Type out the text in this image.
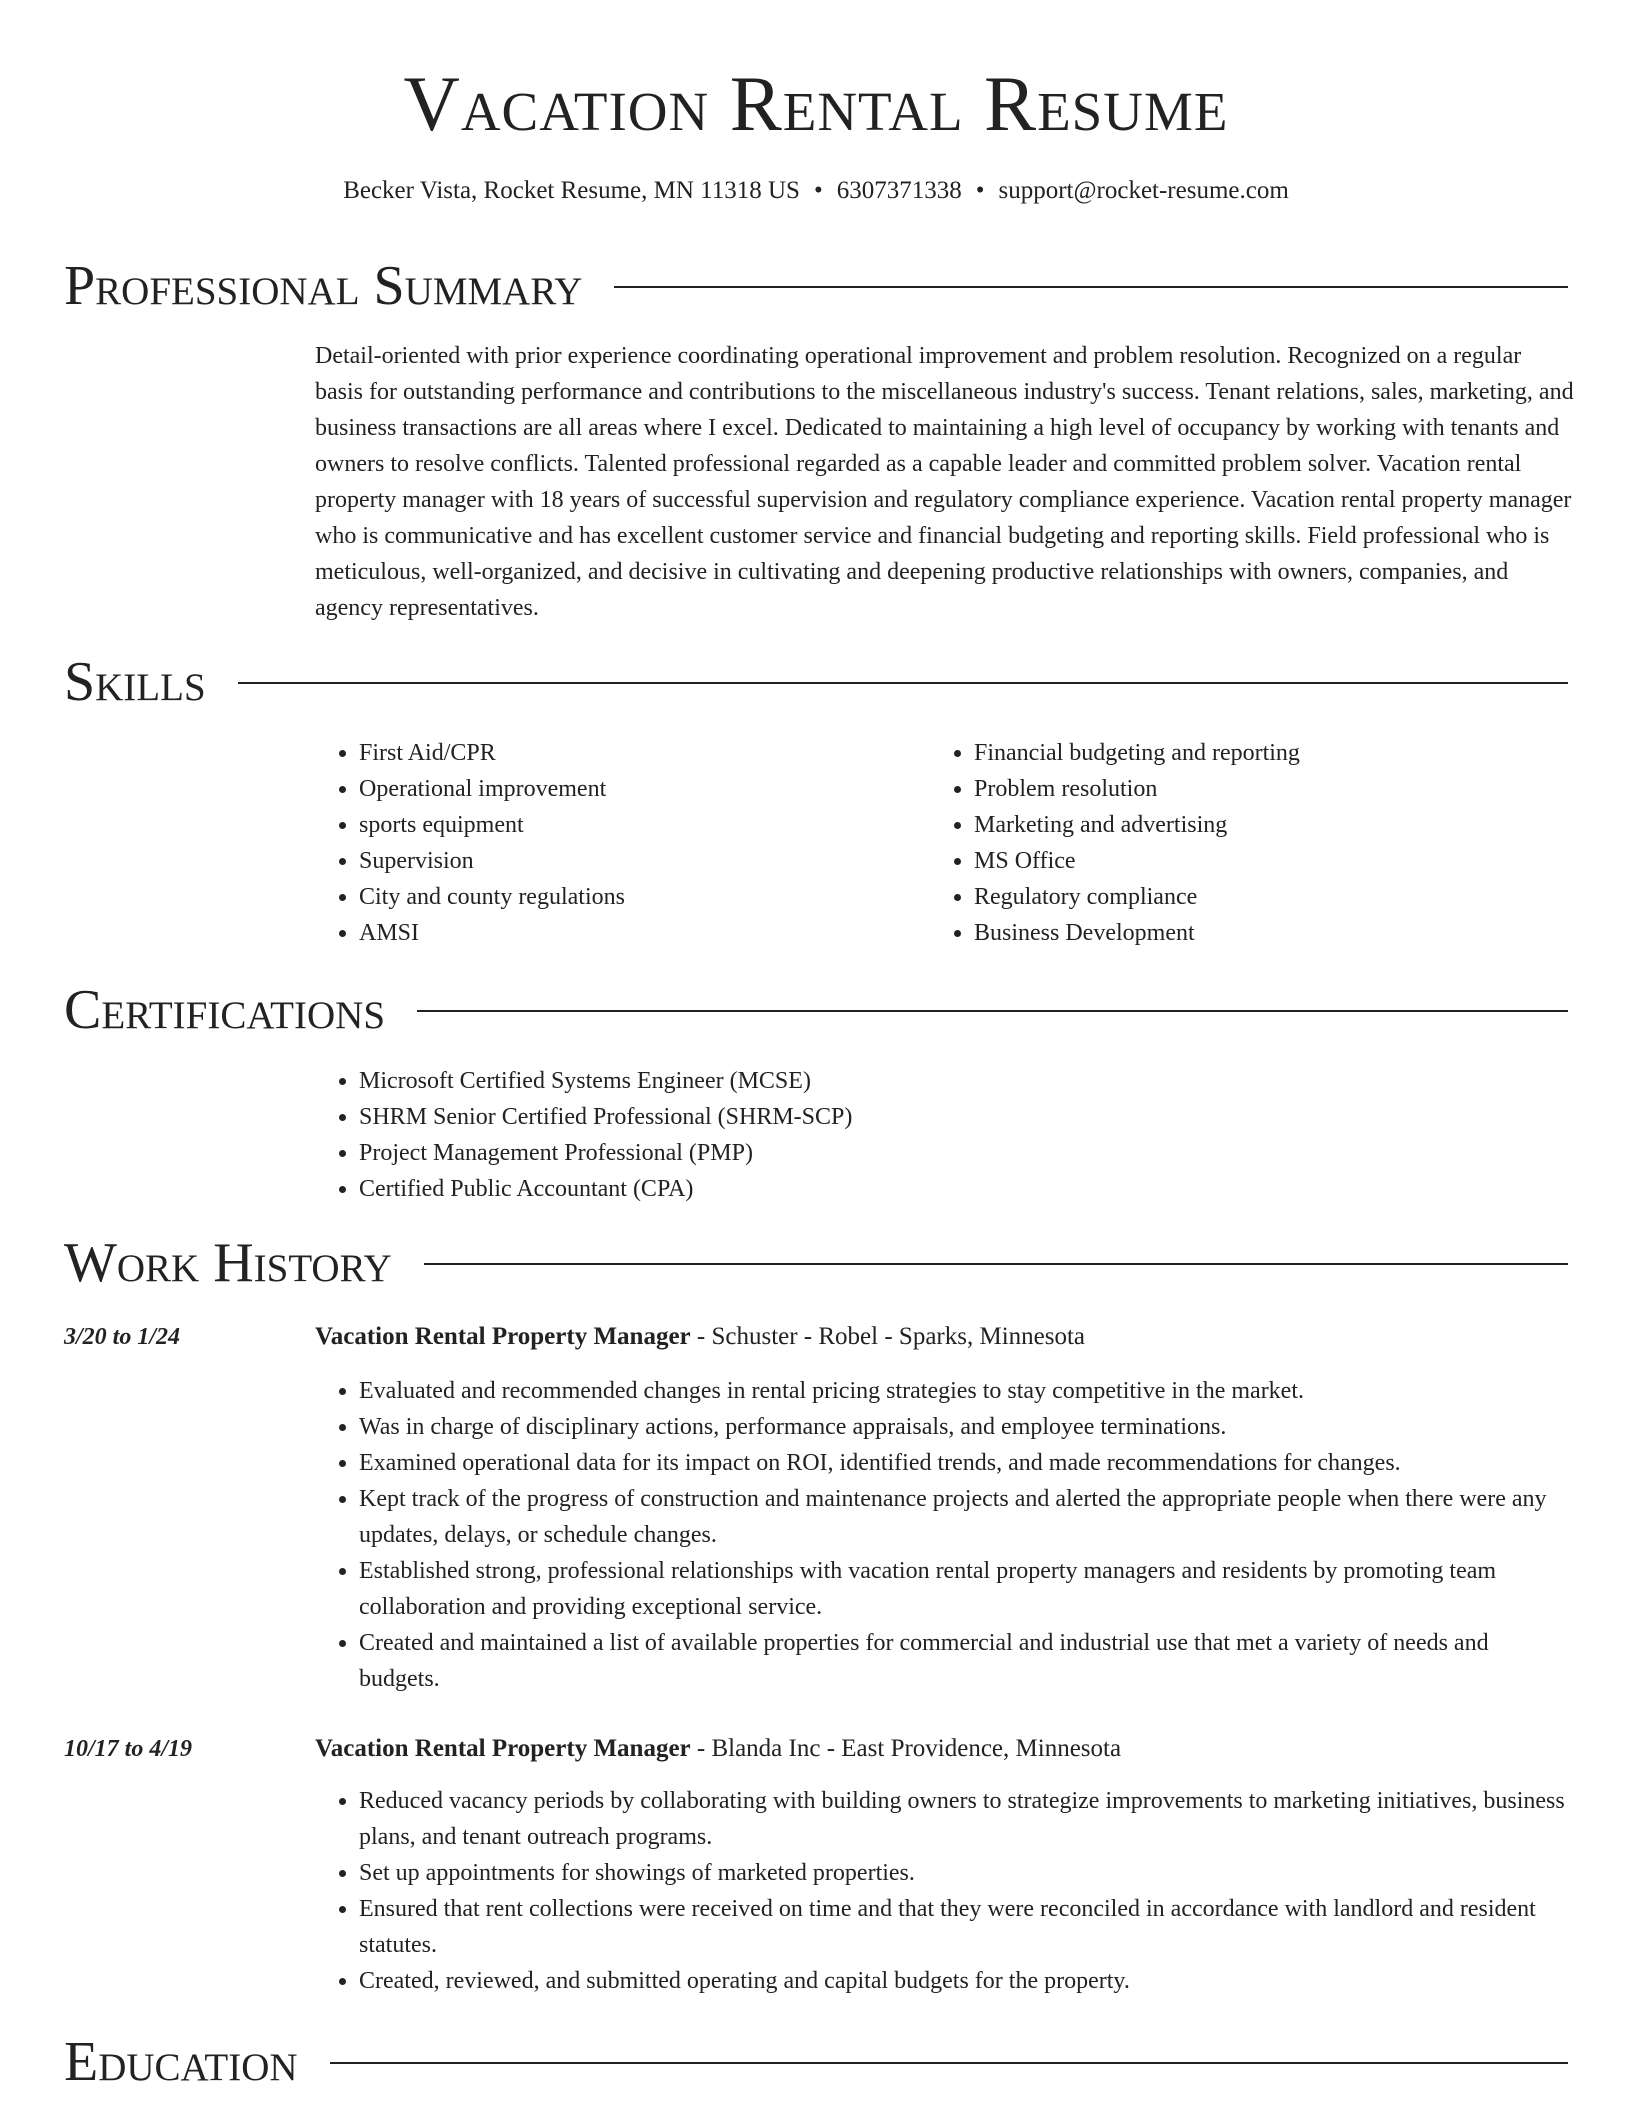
Vacation Rental Resume
Becker Vista, Rocket Resume, MN 11318 US • 6307371338 • support@rocket-resume.com
Professional Summary

Detail-oriented with prior experience coordinating operational improvement and problem resolution. Recognized on a regular basis for outstanding performance and contributions to the miscellaneous industry's success. Tenant relations, sales, marketing, and business transactions are all areas where I excel. Dedicated to maintaining a high level of occupancy by working with tenants and owners to resolve conflicts. Talented professional regarded as a capable leader and committed problem solver. Vacation rental property manager with 18 years of successful supervision and regulatory compliance experience. Vacation rental property manager who is communicative and has excellent customer service and financial budgeting and reporting skills. Field professional who is meticulous, well-organized, and decisive in cultivating and deepening productive relationships with owners, companies, and agency representatives.

Skills
• First Aid/CPR
• Operational improvement
• sports equipment
• Supervision
• City and county regulations
• AMSI
• Financial budgeting and reporting
• Problem resolution
• Marketing and advertising
• MS Office
• Regulatory compliance
• Business Development
Certifications
• Microsoft Certified Systems Engineer (MCSE)
• SHRM Senior Certified Professional (SHRM-SCP)
• Project Management Professional (PMP)
• Certified Public Accountant (CPA)
Work History
3/20 to 1/24	Vacation Rental Property Manager - Schuster - Robel - Sparks, Minnesota
• Evaluated and recommended changes in rental pricing strategies to stay competitive in the market.
• Was in charge of disciplinary actions, performance appraisals, and employee terminations.
• Examined operational data for its impact on ROI, identified trends, and made recommendations for changes.
• Kept track of the progress of construction and maintenance projects and alerted the appropriate people when there were any updates, delays, or schedule changes.
• Established strong, professional relationships with vacation rental property managers and residents by promoting team collaboration and providing exceptional service.
• Created and maintained a list of available properties for commercial and industrial use that met a variety of needs and budgets.
10/17 to 4/19	Vacation Rental Property Manager - Blanda Inc - East Providence, Minnesota
• Reduced vacancy periods by collaborating with building owners to strategize improvements to marketing initiatives, business plans, and tenant outreach programs.
• Set up appointments for showings of marketed properties.
• Ensured that rent collections were received on time and that they were reconciled in accordance with landlord and resident statutes.
• Created, reviewed, and submitted operating and capital budgets for the property.
Education
